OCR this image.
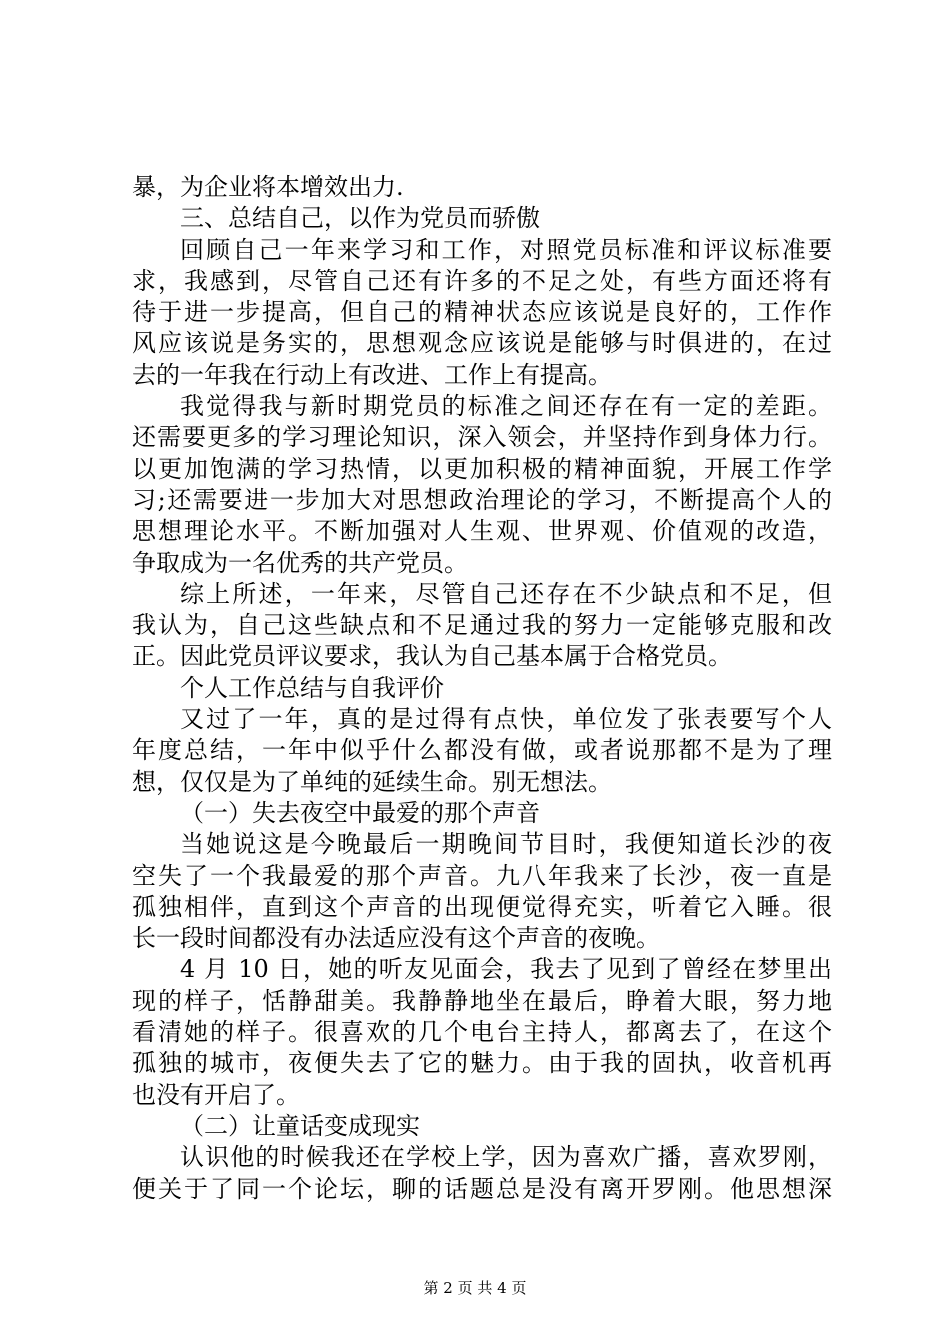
暴，为企业将本增效出力.
三、总结自己，以作为党员而骄傲
回顾自己一年来学习和工作，对照党员标准和评议标准要
求，我感到，尽管自己还有许多的不足之处，有些方面还将有
待于进一步提高，但自己的精神状态应该说是良好的，工作作
风应该说是务实的，思想观念应该说是能够与时俱进的，在过
去的一年我在行动上有改进、工作上有提高。
我觉得我与新时期党员的标准之间还存在有一定的差距。
还需要更多的学习理论知识，深入领会，并坚持作到身体力行。
以更加饱满的学习热情，以更加积极的精神面貌，开展工作学
习;还需要进一步加大对思想政治理论的学习，不断提高个人的
思想理论水平。不断加强对人生观、世界观、价值观的改造，
争取成为一名优秀的共产党员。
综上所述，一年来，尽管自己还存在不少缺点和不足，但
我认为，自己这些缺点和不足通过我的努力一定能够克服和改
正。因此党员评议要求，我认为自己基本属于合格党员。
个人工作总结与自我评价
又过了一年，真的是过得有点快，单位发了张表要写个人
年度总结，一年中似乎什么都没有做，或者说那都不是为了理
想，仅仅是为了单纯的延续生命。别无想法。
（一）失去夜空中最爱的那个声音
当她说这是今晚最后一期晚间节目时，我便知道长沙的夜
空失了一个我最爱的那个声音。九八年我来了长沙，夜一直是
孤独相伴，直到这个声音的出现便觉得充实，听着它入睡。很
长一段时间都没有办法适应没有这个声音的夜晚。
4 月 10 日，她的听友见面会，我去了见到了曾经在梦里出
现的样子，恬静甜美。我静静地坐在最后，睁着大眼，努力地
看清她的样子。很喜欢的几个电台主持人，都离去了，在这个
孤独的城市，夜便失去了它的魅力。由于我的固执，收音机再
也没有开启了。
（二）让童话变成现实
认识他的时候我还在学校上学，因为喜欢广播，喜欢罗刚，
便关于了同一个论坛，聊的话题总是没有离开罗刚。他思想深
第 2 页 共 4 页
